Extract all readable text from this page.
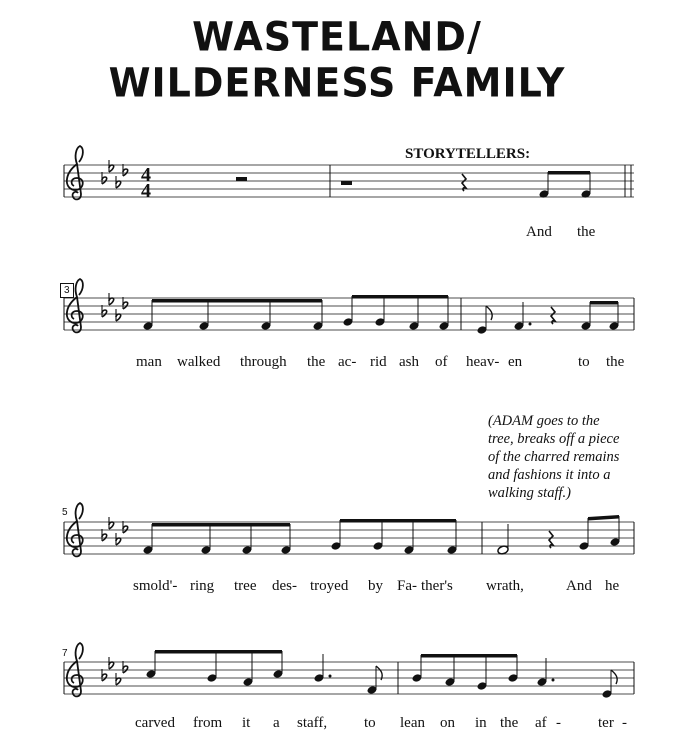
WASTELAND/
WILDERNESS FAMILY
STORYTELLERS:
(ADAM goes to the
tree, breaks off a piece
of the charred remains
and fashions it into a
walking staff.)
3
5
7
4
4
And the
man walked through the ac- rid ash of heav- en	to the
smold'- ring tree des- troyed by Fa- ther's wrath,	And he
carved from it a staff, to lean on in the af - ter -
